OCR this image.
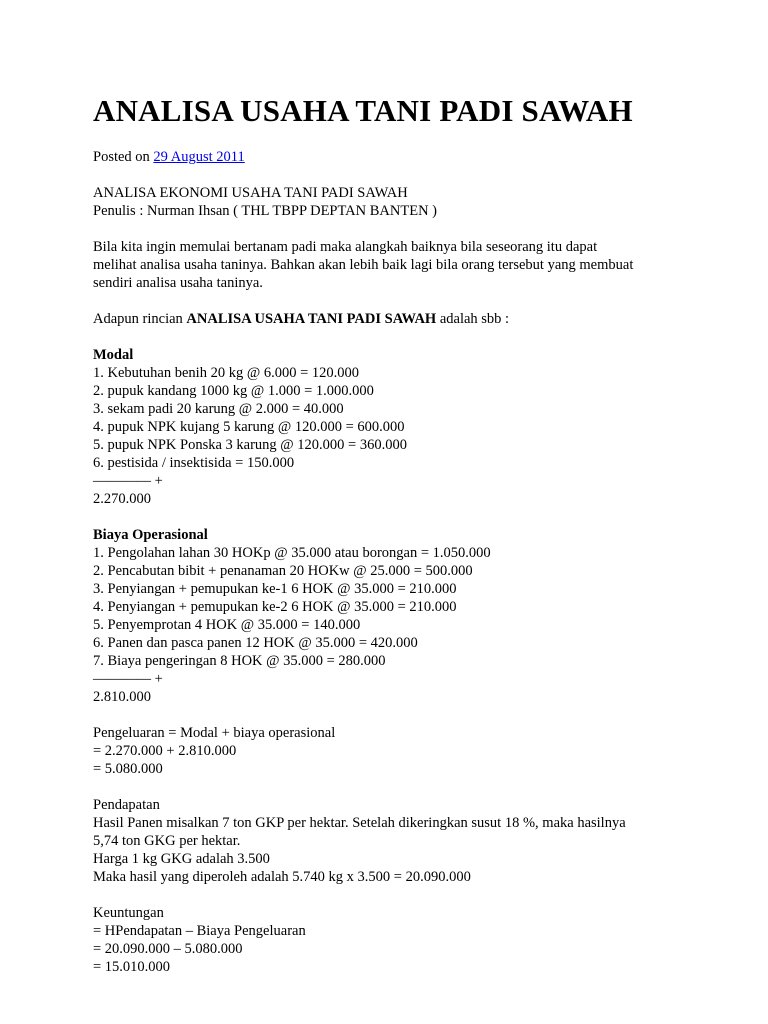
ANALISA USAHA TANI PADI SAWAH
Posted on 29 August 2011
ANALISA EKONOMI USAHA TANI PADI SAWAH
Penulis : Nurman Ihsan ( THL TBPP DEPTAN BANTEN )
Bila kita ingin memulai bertanam padi maka alangkah baiknya bila seseorang itu dapat
melihat analisa usaha taninya. Bahkan akan lebih baik lagi bila orang tersebut yang membuat
sendiri analisa usaha taninya.
Adapun rincian ANALISA USAHA TANI PADI SAWAH adalah sbb :
Modal
1. Kebutuhan benih 20 kg @ 6.000 = 120.000
2. pupuk kandang 1000 kg @ 1.000 = 1.000.000
3. sekam padi 20 karung @ 2.000 = 40.000
4. pupuk NPK kujang 5 karung @ 120.000 = 600.000
5. pupuk NPK Ponska 3 karung @ 120.000 = 360.000
6. pestisida / insektisida = 150.000
———— +
2.270.000
Biaya Operasional
1. Pengolahan lahan 30 HOKp @ 35.000 atau borongan = 1.050.000
2. Pencabutan bibit + penanaman 20 HOKw @ 25.000 = 500.000
3. Penyiangan + pemupukan ke-1 6 HOK @ 35.000 = 210.000
4. Penyiangan + pemupukan ke-2 6 HOK @ 35.000 = 210.000
5. Penyemprotan 4 HOK @ 35.000 = 140.000
6. Panen dan pasca panen 12 HOK @ 35.000 = 420.000
7. Biaya pengeringan 8 HOK @ 35.000 = 280.000
———— +
2.810.000
Pengeluaran = Modal + biaya operasional
= 2.270.000 + 2.810.000
= 5.080.000
Pendapatan
Hasil Panen misalkan 7 ton GKP per hektar. Setelah dikeringkan susut 18 %, maka hasilnya
5,74 ton GKG per hektar.
Harga 1 kg GKG adalah 3.500
Maka hasil yang diperoleh adalah 5.740 kg x 3.500 = 20.090.000
Keuntungan
= HPendapatan – Biaya Pengeluaran
= 20.090.000 – 5.080.000
= 15.010.000
